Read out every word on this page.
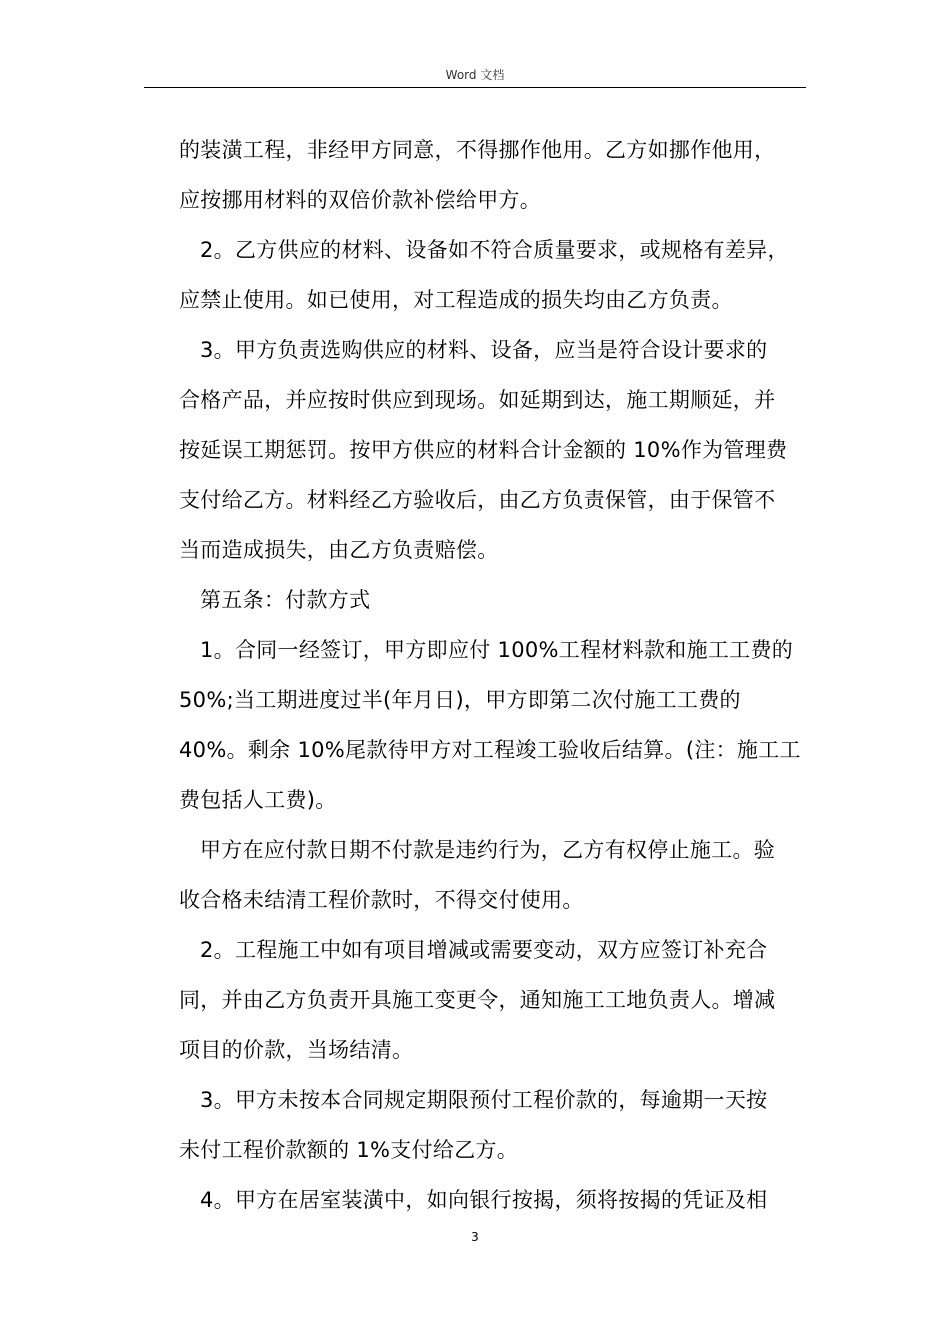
Word 文档
的装潢工程，非经甲方同意，不得挪作他用。乙方如挪作他用，
应按挪用材料的双倍价款补偿给甲方。
2。乙方供应的材料、设备如不符合质量要求，或规格有差异，
应禁止使用。如已使用，对工程造成的损失均由乙方负责。
3。甲方负责选购供应的材料、设备，应当是符合设计要求的
合格产品，并应按时供应到现场。如延期到达，施工期顺延，并
按延误工期惩罚。按甲方供应的材料合计金额的 10%作为管理费
支付给乙方。材料经乙方验收后，由乙方负责保管，由于保管不
当而造成损失，由乙方负责赔偿。
第五条：付款方式
1。合同一经签订，甲方即应付 100%工程材料款和施工工费的
50%;当工期进度过半(年月日)，甲方即第二次付施工工费的
40%。剩余 10%尾款待甲方对工程竣工验收后结算。(注：施工工
费包括人工费)。
甲方在应付款日期不付款是违约行为，乙方有权停止施工。验
收合格未结清工程价款时，不得交付使用。
2。工程施工中如有项目增减或需要变动，双方应签订补充合
同，并由乙方负责开具施工变更令，通知施工工地负责人。增减
项目的价款，当场结清。
3。甲方未按本合同规定期限预付工程价款的，每逾期一天按
未付工程价款额的 1%支付给乙方。
4。甲方在居室装潢中，如向银行按揭，须将按揭的凭证及相
3
